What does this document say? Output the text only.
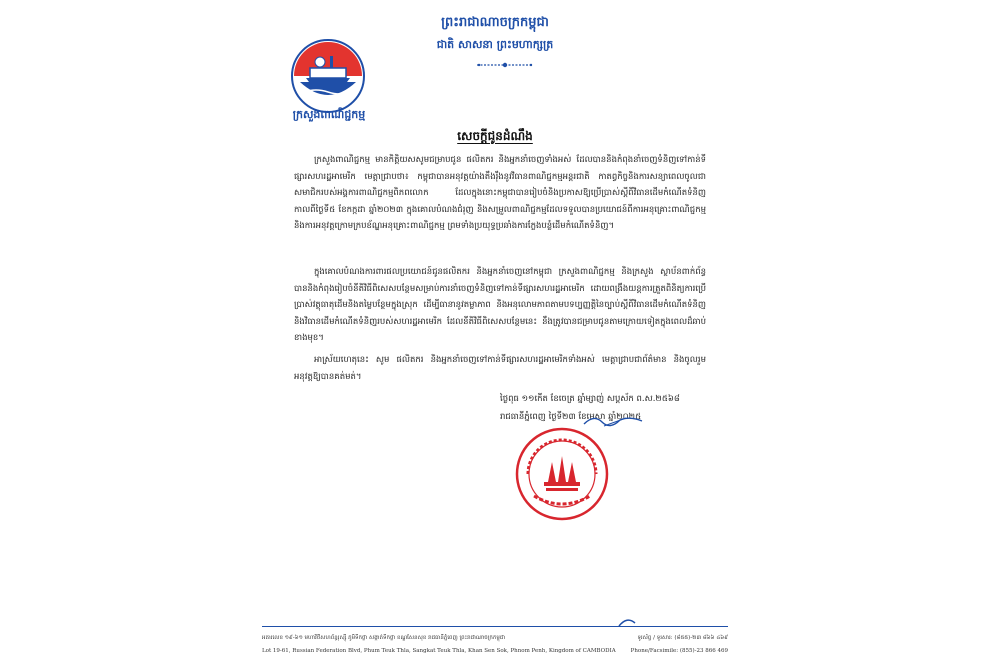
ព្រះរាជាណាចក្រកម្ពុជា
ជាតិ សាសនា ព្រះមហាក្សត្រ
ក្រសួងពាណិជ្ជកម្ម
សេចក្តីជូនដំណឹង

ក្រសួងពាណិជ្ជកម្ម មានកិត្តិយសសូមជម្រាបជូន ផលិតករ និងអ្នកនាំចេញទាំងអស់ ដែលបាននិងកំពុងនាំចេញទំនិញទៅកាន់ទីផ្សារសហរដ្ឋអាមេរិក មេត្តាជ្រាបថា៖ កម្ពុជាបានអនុវត្តយ៉ាងតឹងរ៉ឹងនូវវិធានពាណិជ្ជកម្មអន្តរជាតិ កាតព្វកិច្ចនិងការសន្យាពេលចូលជាសមាជិករបស់អង្គការពាណិជ្ជកម្មពិភពលោក ដែលក្នុងនោះកម្ពុជាបានរៀបចំនិងប្រកាសឱ្យប្រើប្រាស់ស្តីពីវិធានដើមកំណើតទំនិញ កាលពីថ្ងៃទី៥ ខែកក្កដា ឆ្នាំ២០២៣ ក្នុងគោលបំណងជំរុញ និងសម្រួលពាណិជ្ជកម្មដែលទទួលបានប្រយោជន៍ពីការអនុគ្រោះពាណិជ្ជកម្ម និងការអនុវត្តក្រោមក្របខ័ណ្ឌអនុគ្រោះពាណិជ្ជកម្ម ព្រមទាំងប្រយុទ្ធប្រឆាំងការក្លែងបន្លំដើមកំណើតទំនិញ។

ក្នុងគោលបំណងការពារផលប្រយោជន៍ជូនផលិតករ និងអ្នកនាំចេញនៅកម្ពុជា ក្រសួងពាណិជ្ជកម្ម និងក្រសួង ស្ថាប័នពាក់ព័ន្ធ បាននិងកំពុងរៀបចំនីតិវិធីពិសេសបន្ថែមសម្រាប់ការនាំចេញទំនិញទៅកាន់ទីផ្សារសហរដ្ឋអាមេរិក ដោយពង្រឹងយន្តការត្រួតពិនិត្យការប្រើប្រាស់វត្ថុធាតុដើមនិងតម្លៃបន្ថែមក្នុងស្រុក ដើម្បីធានានូវតម្លាភាព និងអនុលោមភាពតាមបទប្បញ្ញត្តិនៃច្បាប់ស្តីពីវិធានដើមកំណើតទំនិញ និងវិធានដើមកំណើតទំនិញរបស់សហរដ្ឋអាមេរិក ដែលនីតិវិធីពិសេសបន្ថែមនេះ នឹងត្រូវបានជម្រាបជូនតាមក្រោយទៀតក្នុងពេលដ៏ឆាប់ខាងមុខ។

អាស្រ័យហេតុនេះ សូម ផលិតករ និងអ្នកនាំចេញទៅកាន់ទីផ្សារសហរដ្ឋអាមេរិកទាំងអស់ មេត្តាជ្រាបជាព័ត៌មាន និងចូលរួមអនុវត្តឱ្យបានគត់មត់។

ថ្ងៃពុធ ១១កើត ខែចេត្រ ឆ្នាំម្សាញ់ សប្តស័ក ព.ស.២៥៦៨
រាជធានីភ្នំពេញ ថ្ងៃទី២៣ ខែមេសា ឆ្នាំ២០២៥
អគារលេខ ១៩-៦១ មហាវិថីសហព័ន្ធរុស្ស៊ី ភូមិទឹកថ្លា សង្កាត់ទឹកថ្លា ខណ្ឌសែនសុខ រាជធានីភ្នំពេញ ព្រះរាជាណាចក្រកម្ពុជា	ទូរស័ព្ទ / ទូរសារ: (៨៥៥)-២៣ ៨៦៦ ៤៦៩
Lot 19-61, Russian Federation Blvd, Phum Teuk Thla, Sangkat Teuk Thla, Khan Sen Sok, Phnom Penh, Kingdom of CAMBODIA	Phone/Facsimile: (855)-23 866 469
